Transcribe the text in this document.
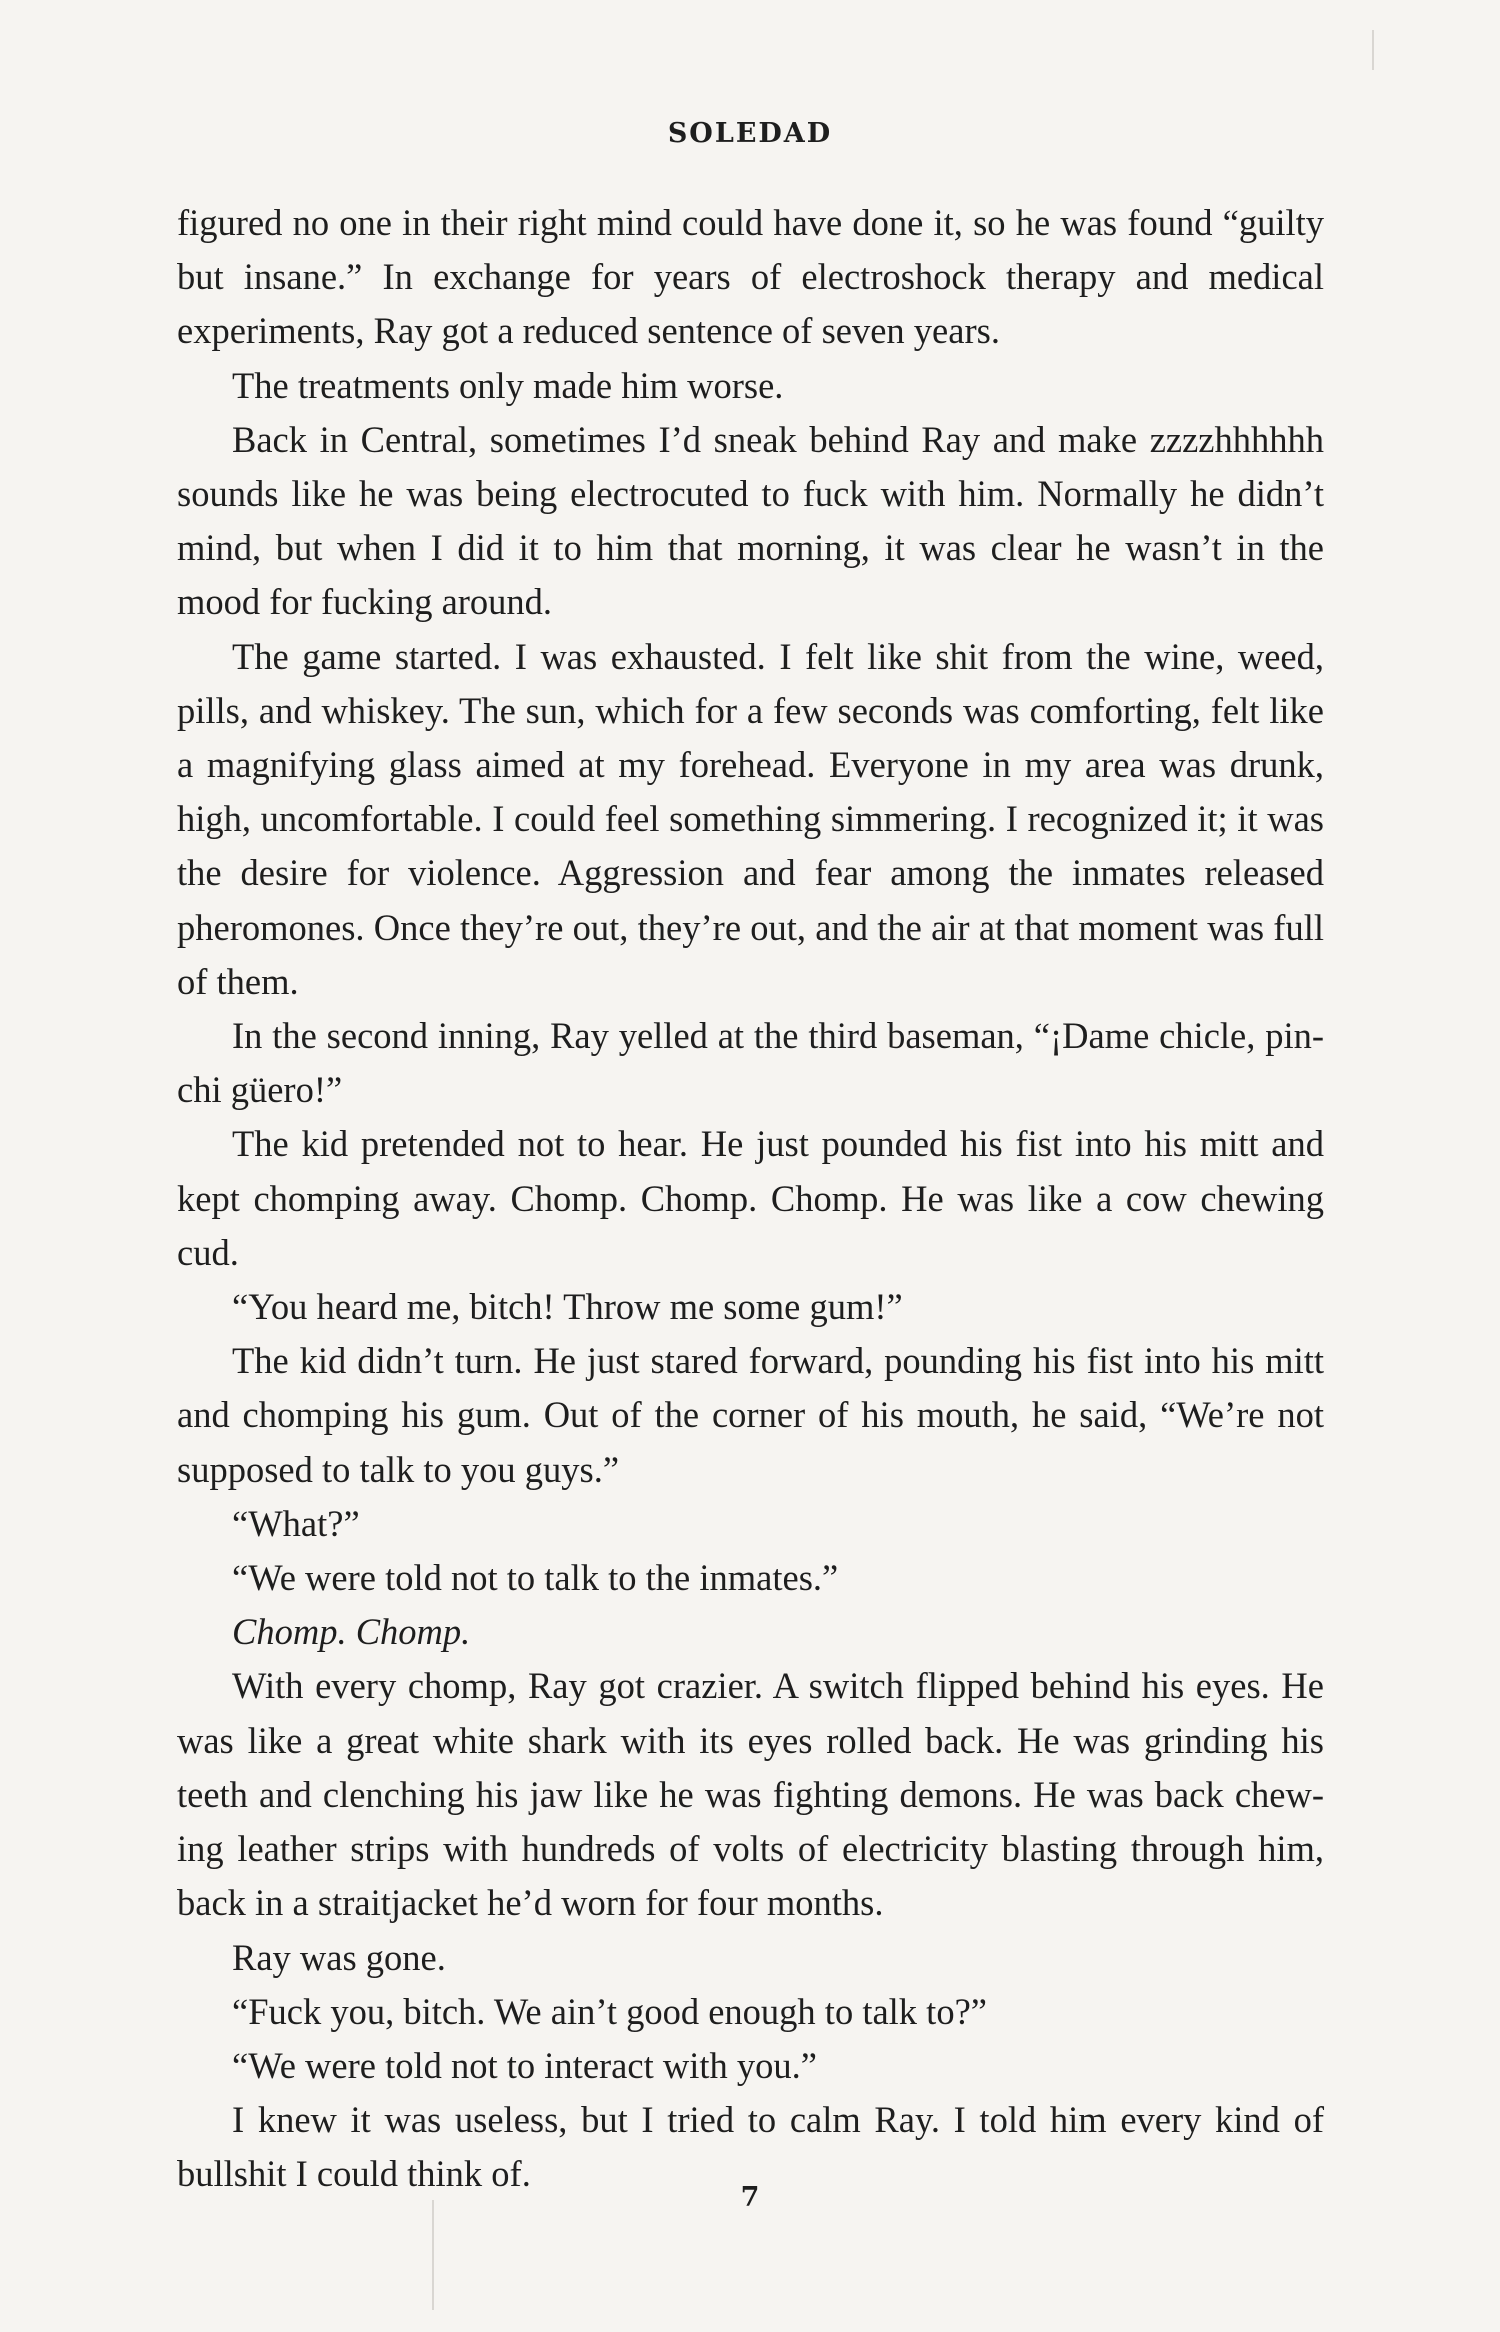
SOLEDAD

figured no one in their right mind could have done it, so he was found “guilty but insane.” In exchange for years of electroshock therapy and medical experiments, Ray got a reduced sentence of seven years.

The treatments only made him worse.

Back in Central, sometimes I’d sneak behind Ray and make zzzzhhhhhh sounds like he was being electrocuted to fuck with him. Normally he didn’t mind, but when I did it to him that morning, it was clear he wasn’t in the mood for fucking around.

The game started. I was exhausted. I felt like shit from the wine, weed, pills, and whiskey. The sun, which for a few seconds was comforting, felt like a magnifying glass aimed at my forehead. Everyone in my area was drunk, high, uncomfortable. I could feel something simmering. I recognized it; it was the desire for violence. Aggression and fear among the inmates released pheromones. Once they’re out, they’re out, and the air at that moment was full of them.

In the second inning, Ray yelled at the third baseman, “¡Dame chicle, pinchi güero!”

The kid pretended not to hear. He just pounded his fist into his mitt and kept chomping away. Chomp. Chomp. Chomp. He was like a cow chewing cud.

“You heard me, bitch! Throw me some gum!”

The kid didn’t turn. He just stared forward, pounding his fist into his mitt and chomping his gum. Out of the corner of his mouth, he said, “We’re not supposed to talk to you guys.”

“What?”

“We were told not to talk to the inmates.”

Chomp. Chomp.

With every chomp, Ray got crazier. A switch flipped behind his eyes. He was like a great white shark with its eyes rolled back. He was grinding his teeth and clenching his jaw like he was fighting demons. He was back chewing leather strips with hundreds of volts of electricity blasting through him, back in a straitjacket he’d worn for four months.

Ray was gone.

“Fuck you, bitch. We ain’t good enough to talk to?”

“We were told not to interact with you.”

I knew it was useless, but I tried to calm Ray. I told him every kind of bullshit I could think of.

7
